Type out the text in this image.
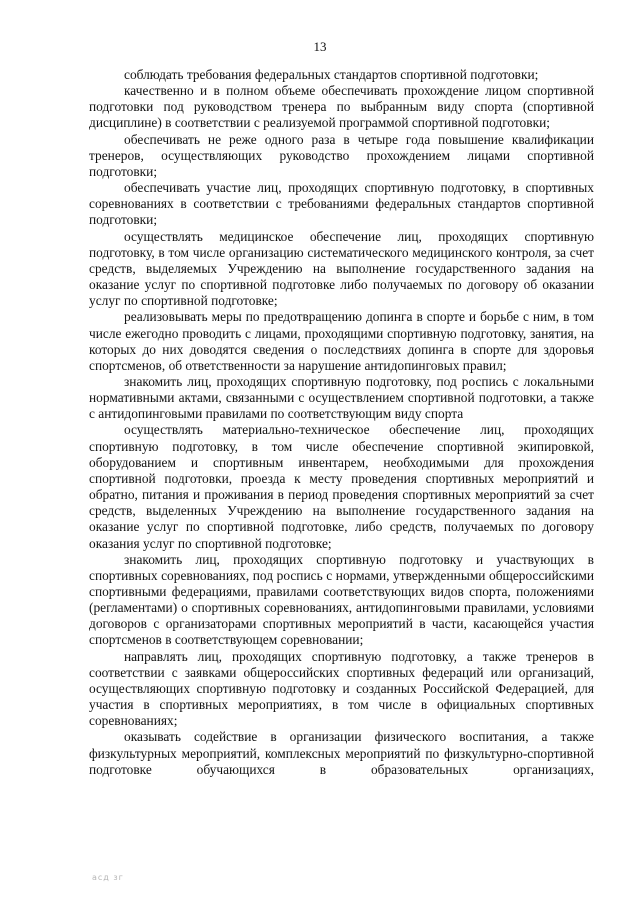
13

соблюдать требования федеральных стандартов спортивной подготовки;

качественно и в полном объеме обеспечивать прохождение лицом спортивной подготовки под руководством тренера по выбранным виду спорта (спортивной дисциплине) в соответствии с реализуемой программой спортивной подготовки;

обеспечивать не реже одного раза в четыре года повышение квалификации тренеров, осуществляющих руководство прохождением лицами спортивной подготовки;

обеспечивать участие лиц, проходящих спортивную подготовку, в спортивных соревнованиях в соответствии с требованиями федеральных стандартов спортивной подготовки;

осуществлять медицинское обеспечение лиц, проходящих спортивную подготовку, в том числе организацию систематического медицинского контроля, за счет средств, выделяемых Учреждению на выполнение государственного задания на оказание услуг по спортивной подготовке либо получаемых по договору об оказании услуг по спортивной подготовке;

реализовывать меры по предотвращению допинга в спорте и борьбе с ним, в том числе ежегодно проводить с лицами, проходящими спортивную подготовку, занятия, на которых до них доводятся сведения о последствиях допинга в спорте для здоровья спортсменов, об ответственности за нарушение антидопинговых правил;

знакомить лиц, проходящих спортивную подготовку, под роспись с локальными нормативными актами, связанными с осуществлением спортивной подготовки, а также с антидопинговыми правилами по соответствующим виду спорта

осуществлять материально-техническое обеспечение лиц, проходящих спортивную подготовку, в том числе обеспечение спортивной экипировкой, оборудованием и спортивным инвентарем, необходимыми для прохождения спортивной подготовки, проезда к месту проведения спортивных мероприятий и обратно, питания и проживания в период проведения спортивных мероприятий за счет средств, выделенных Учреждению на выполнение государственного задания на оказание услуг по спортивной подготовке, либо средств, получаемых по договору оказания услуг по спортивной подготовке;

знакомить лиц, проходящих спортивную подготовку и участвующих в спортивных соревнованиях, под роспись с нормами, утвержденными общероссийскими спортивными федерациями, правилами соответствующих видов спорта, положениями (регламентами) о спортивных соревнованиях, антидопинговыми правилами, условиями договоров с организаторами спортивных мероприятий в части, касающейся участия спортсменов в соответствующем соревновании;

направлять лиц, проходящих спортивную подготовку, а также тренеров в соответствии с заявками общероссийских спортивных федераций или организаций, осуществляющих спортивную подготовку и созданных Российской Федерацией, для участия в спортивных мероприятиях, в том числе в официальных спортивных соревнованиях;

оказывать содействие в организации физического воспитания, а также физкультурных мероприятий, комплексных мероприятий по физкультурно-спортивной подготовке обучающихся в образовательных организациях,

асд зг
